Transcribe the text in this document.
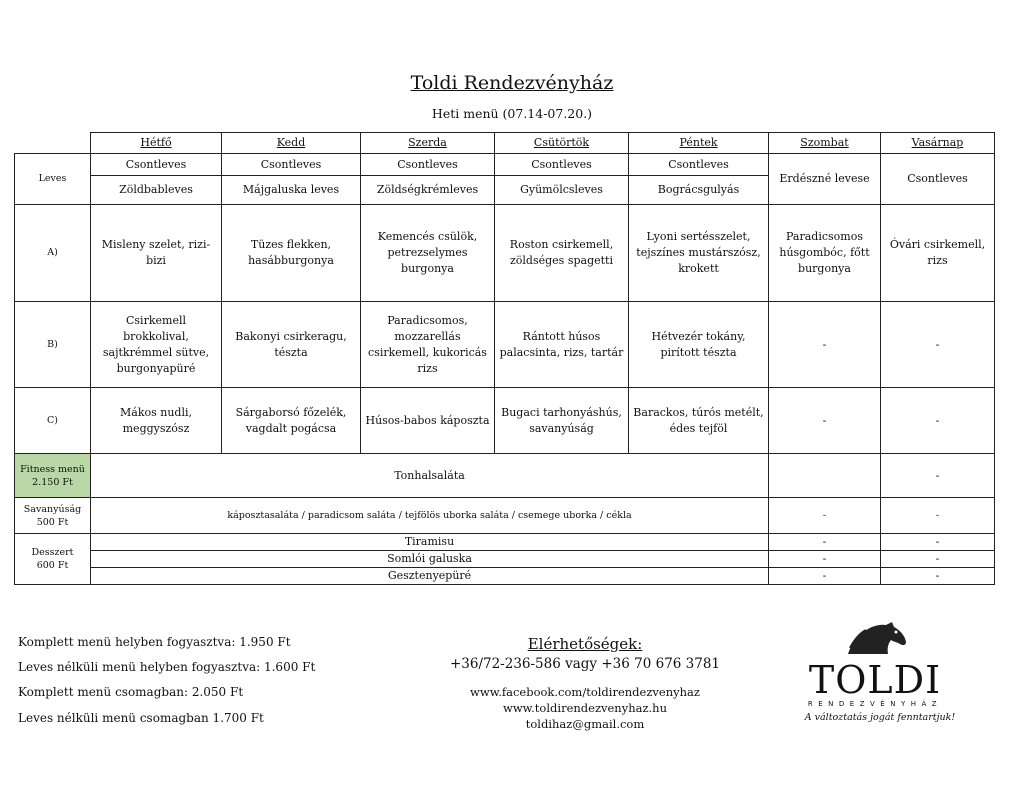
Toldi Rendezvényház
Heti menü (07.14-07.20.)
	Hétfő	Kedd	Szerda	Csütörtök	Péntek	Szombat	Vasárnap
Leves	Csontleves	Csontleves	Csontleves	Csontleves	Csontleves	Erdészné levese	Csontleves
	Zöldbableves	Májgaluska leves	Zöldségkrémleves	Gyümölcsleves	Bográcsgulyás		
A)	Misleny szelet, rizi-bizi	Tüzes flekken, hasábburgonya	Kemencés csülök, petrezselymes burgonya	Roston csirkemell, zöldséges spagetti	Lyoni sertésszelet, tejszínes mustárszósz, krokett	Paradicsomos húsgombóc, főtt burgonya	Óvári csirkemell, rizs
B)	Csirkemell brokkolival, sajtkrémmel sütve, burgonyapüré	Bakonyi csirkeragu, tészta	Paradicsomos, mozzarellás csirkemell, kukoricás rizs	Rántott húsos palacsinta, rizs, tartár	Hétvezér tokány, pirított tészta	-	-
C)	Mákos nudli, meggyszósz	Sárgaborsó főzelék, vagdalt pogácsa	Húsos-babos káposzta	Bugaci tarhonyáshús, savanyúság	Barackos, túrós metélt, édes tejföl	-	-

Fitness menü
2.150 Ft	Tonhalsaláta						-

Savanyúság
500 Ft	káposztasaláta / paradicsom saláta / tejfölös uborka saláta / csemege uborka / cékla					-	-

Desszert
600 Ft	Tiramisu					-	-
	Somlói galuska					-	-
	Gesztenyepüré					-	-
Komplett menü helyben fogyasztva: 1.950 Ft
Leves nélküli menü helyben fogyasztva: 1.600 Ft
Komplett menü csomagban: 2.050 Ft
Leves nélküli menü csomagban 1.700 Ft
Elérhetőségek:
+36/72-236-586 vagy +36 70 676 3781
www.facebook.com/toldirendezvenyhaz
www.toldirendezvenyhaz.hu
toldihaz@gmail.com
TOLDI
RENDEZVÉNYHÁZ
A változtatás jogát fenntartjuk!
